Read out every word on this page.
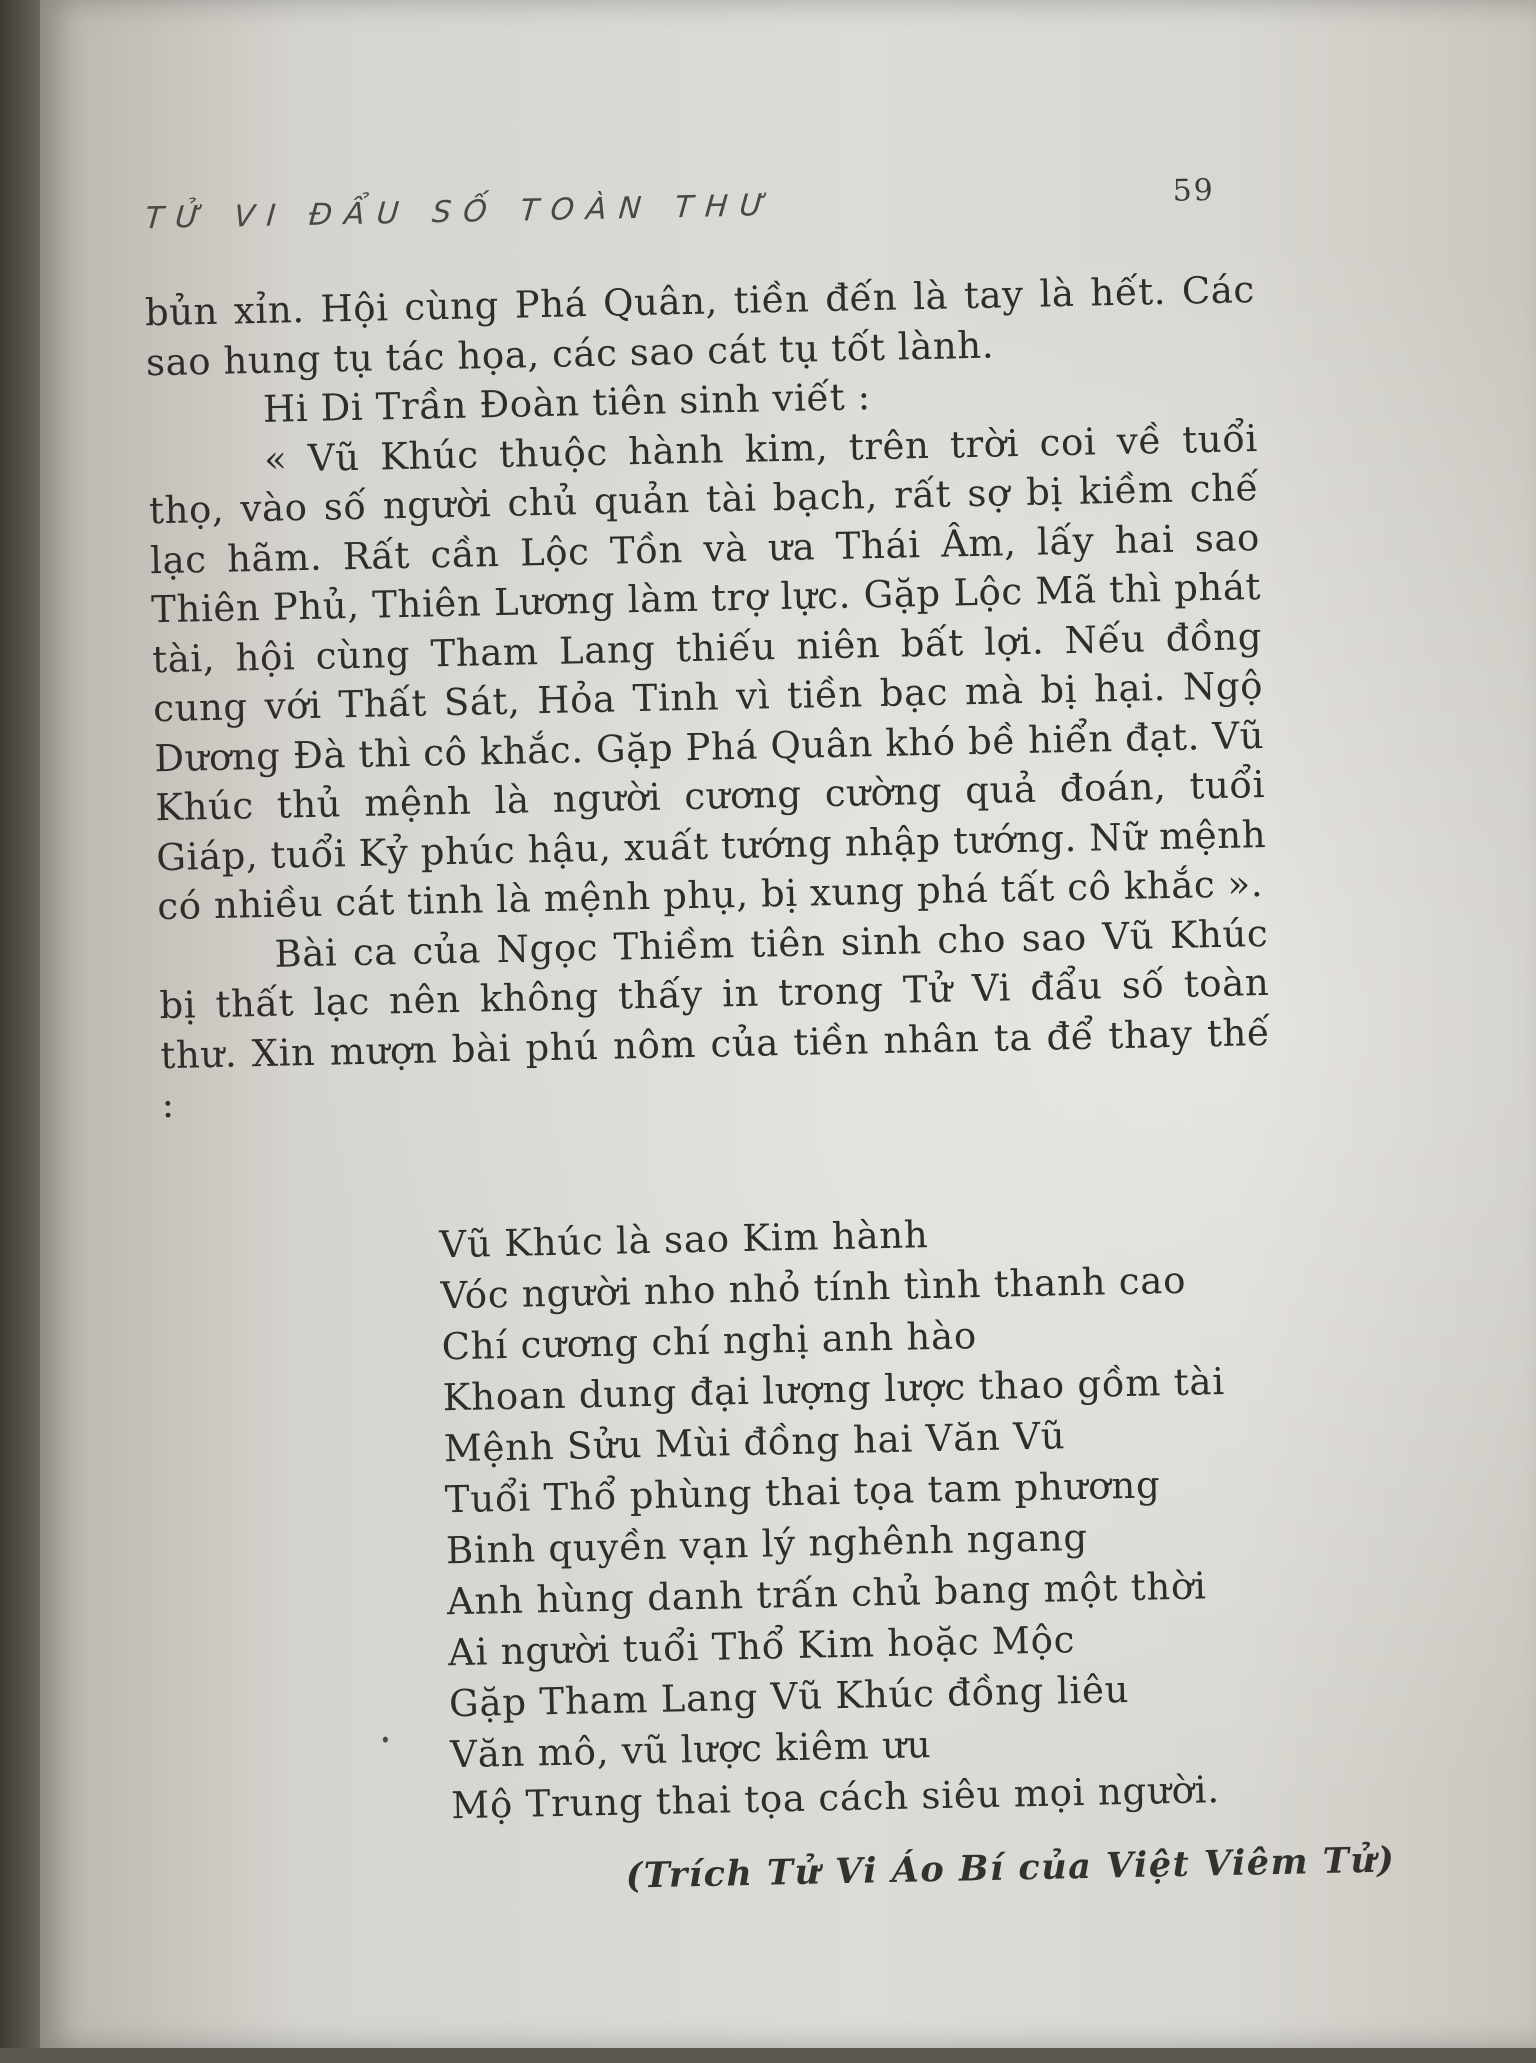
TỬ VI ĐẨU SỐ TOÀN THƯ	59

bủn xỉn. Hội cùng Phá Quân, tiền đến là tay là hết. Các sao hung tụ tác họa, các sao cát tụ tốt lành.

Hi Di Trần Đoàn tiên sinh viết :

« Vũ Khúc thuộc hành kim, trên trời coi về tuổi thọ, vào số người chủ quản tài bạch, rất sợ bị kiềm chế lạc hãm. Rất cần Lộc Tồn và ưa Thái Âm, lấy hai sao Thiên Phủ, Thiên Lương làm trợ lực. Gặp Lộc Mã thì phát tài, hội cùng Tham Lang thiếu niên bất lợi. Nếu đồng cung với Thất Sát, Hỏa Tinh vì tiền bạc mà bị hại. Ngộ Dương Đà thì cô khắc. Gặp Phá Quân khó bề hiển đạt. Vũ Khúc thủ mệnh là người cương cường quả đoán, tuổi Giáp, tuổi Kỷ phúc hậu, xuất tướng nhập tướng. Nữ mệnh có nhiều cát tinh là mệnh phụ, bị xung phá tất cô khắc ».

Bài ca của Ngọc Thiềm tiên sinh cho sao Vũ Khúc bị thất lạc nên không thấy in trong Tử Vi đẩu số toàn thư. Xin mượn bài phú nôm của tiền nhân ta để thay thế :

Vũ Khúc là sao Kim hành
Vóc người nho nhỏ tính tình thanh cao
Chí cương chí nghị anh hào
Khoan dung đại lượng lược thao gồm tài
Mệnh Sửu Mùi đồng hai Văn Vũ
Tuổi Thổ phùng thai tọa tam phương
Binh quyền vạn lý nghênh ngang
Anh hùng danh trấn chủ bang một thời
Ai người tuổi Thổ Kim hoặc Mộc
Gặp Tham Lang Vũ Khúc đồng liêu
Văn mô, vũ lược kiêm ưu
Mộ Trung thai tọa cách siêu mọi người.
(Trích Tử Vi Áo Bí của Việt Viêm Tử)
